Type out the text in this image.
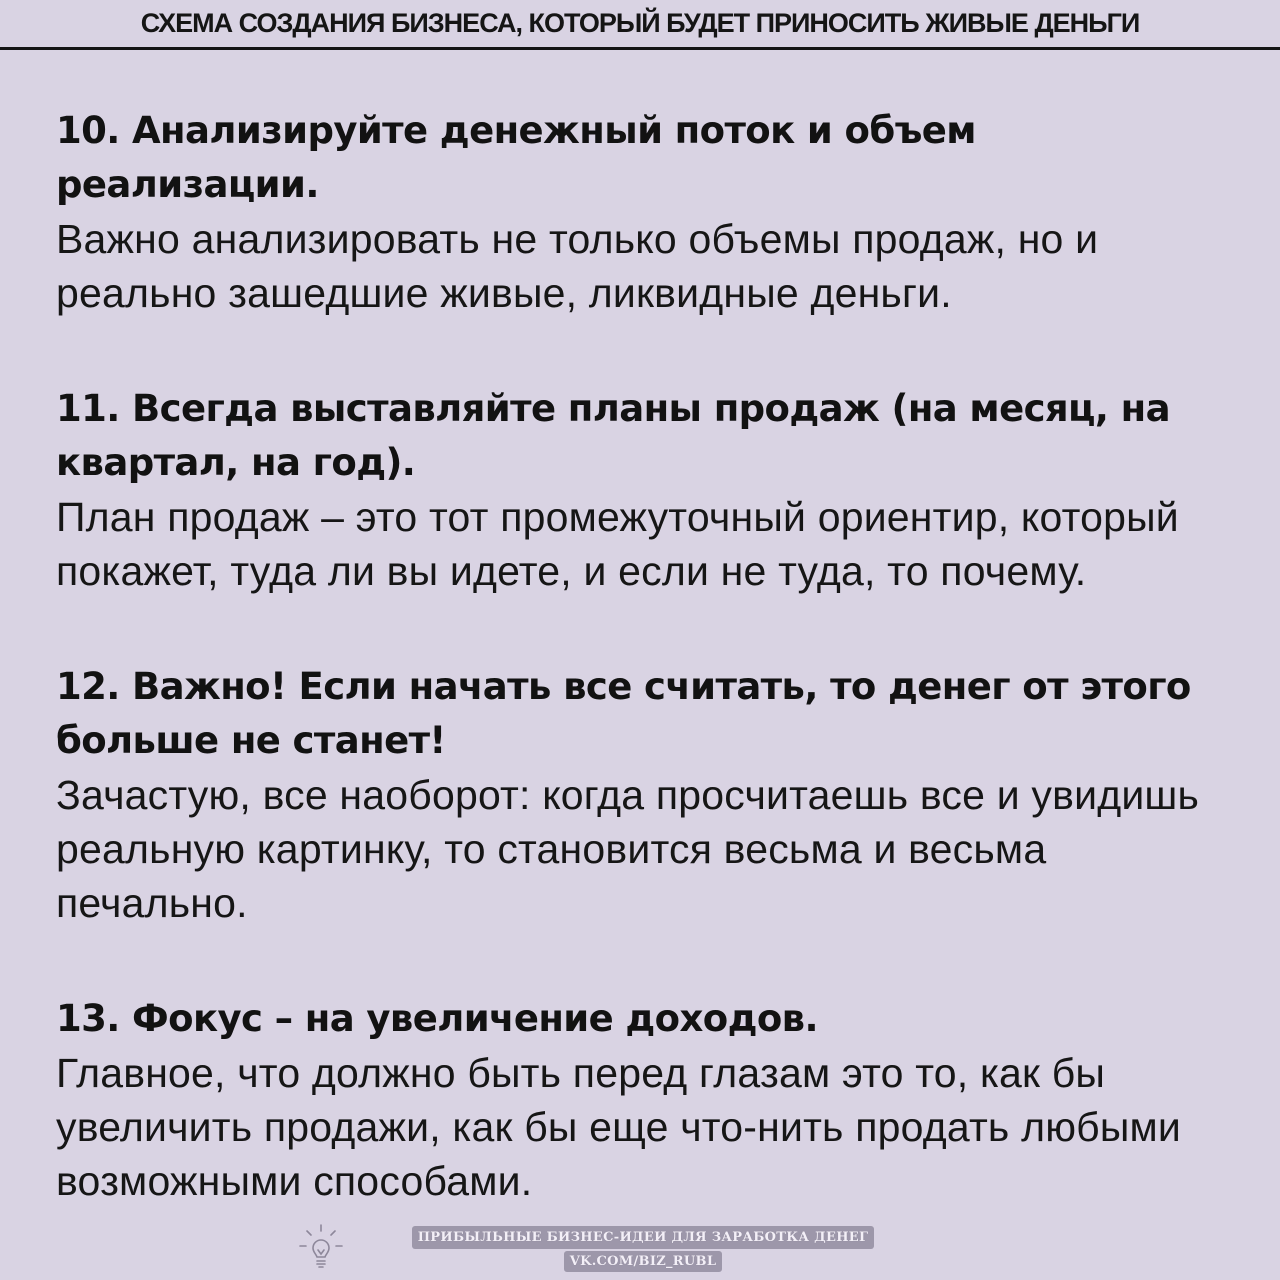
СХЕМА СОЗДАНИЯ БИЗНЕСА, КОТОРЫЙ БУДЕТ ПРИНОСИТЬ ЖИВЫЕ ДЕНЬГИ
10. Анализируйте денежный поток и объем реализации.
Важно анализировать не только объемы продаж, но и реально зашедшие живые, ликвидные деньги.
11. Всегда выставляйте планы продаж (на месяц, на квартал, на год).
План продаж – это тот промежуточный ориентир, который покажет, туда ли вы идете, и если не туда, то почему.
12. Важно! Если начать все считать, то денег от этого больше не станет!
Зачастую, все наоборот: когда просчитаешь все и увидишь реальную картинку, то становится весьма и весьма печально.
13. Фокус – на увеличение доходов.
Главное, что должно быть перед глазам это то, как бы увеличить продажи, как бы еще что-нить продать любыми возможными способами.
ПРИБЫЛЬНЫЕ БИЗНЕС-ИДЕИ ДЛЯ ЗАРАБОТКА ДЕНЕГ
VK.COM/BIZ_RUBL
